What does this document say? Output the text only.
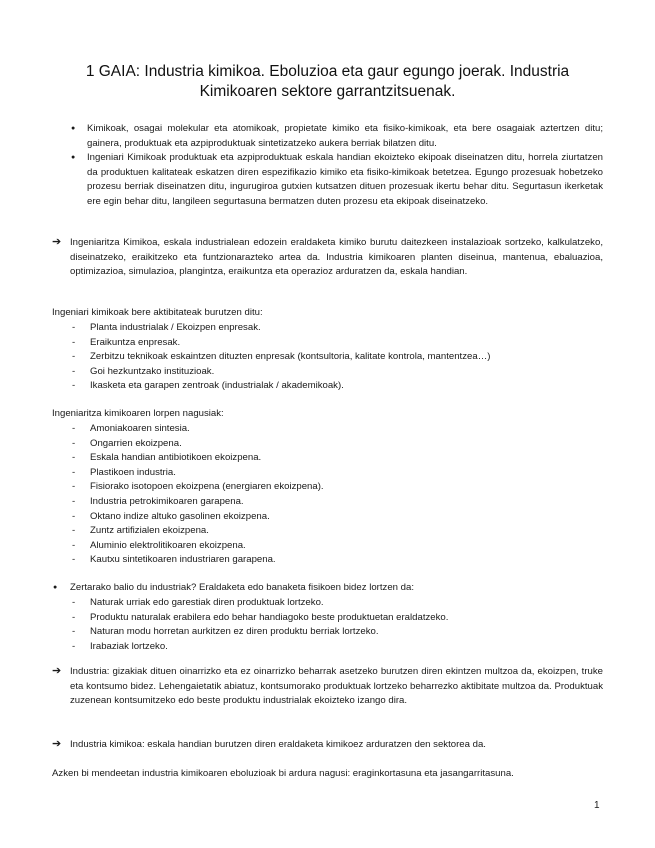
1 GAIA: Industria kimikoa. Eboluzioa eta gaur egungo joerak. Industria Kimikoaren sektore garrantzitsuenak.
● Kimikoak, osagai molekular eta atomikoak, propietate kimiko eta fisiko-kimikoak, eta bere osagaiak aztertzen ditu; gainera, produktuak eta azpiproduktuak sintetizatzeko aukera berriak bilatzen ditu.
● Ingeniari Kimikoak produktuak eta azpiproduktuak eskala handian ekoizteko ekipoak diseinatzen ditu, horrela ziurtatzen da produktuen kalitateak eskatzen diren espezifikazio kimiko eta fisiko-kimikoak betetzea. Egungo prozesuak hobetzeko prozesu berriak diseinatzen ditu, ingurugiroa gutxien kutsatzen dituen prozesuak ikertu behar ditu. Segurtasun ikerketak ere egin behar ditu, langileen segurtasuna bermatzen duten prozesu eta ekipoak diseinatzeko.
➔ Ingeniaritza Kimikoa, eskala industrialean edozein eraldaketa kimiko burutu daitezkeen instalazioak sortzeko, kalkulatzeko, diseinatzeko, eraikitzeko eta funtzionarazteko artea da. Industria kimikoaren planten diseinua, mantenua, ebaluazioa, optimizazioa, simulazioa, plangintza, eraikuntza eta operazioz arduratzen da, eskala handian.

Ingeniari kimikoak bere aktibitateak burutzen ditu:

- Planta industrialak / Ekoizpen enpresak.
- Eraikuntza enpresak.
- Zerbitzu teknikoak eskaintzen dituzten enpresak (kontsultoria, kalitate kontrola, mantentzea…)
- Goi hezkuntzako instituzioak.
- Ikasketa eta garapen zentroak (industrialak / akademikoak).

Ingeniaritza kimikoaren lorpen nagusiak:

- Amoniakoaren sintesia.
- Ongarrien ekoizpena.
- Eskala handian antibiotikoen ekoizpena.
- Plastikoen industria.
- Fisiorako isotopoen ekoizpena (energiaren ekoizpena).
- Industria petrokimikoaren garapena.
- Oktano indize altuko gasolinen ekoizpena.
- Zuntz artifizialen ekoizpena.
- Aluminio elektrolitikoaren ekoizpena.
- Kautxu sintetikoaren industriaren garapena.
● Zertarako balio du industriak? Eraldaketa edo banaketa fisikoen bidez lortzen da:
- Naturak urriak edo garestiak diren produktuak lortzeko.
- Produktu naturalak erabilera edo behar handiagoko beste produktuetan eraldatzeko.
- Naturan modu horretan aurkitzen ez diren produktu berriak lortzeko.
- Irabaziak lortzeko.
➔ Industria: gizakiak dituen oinarrizko eta ez oinarrizko beharrak asetzeko burutzen diren ekintzen multzoa da, ekoizpen, truke eta kontsumo bidez. Lehengaietatik abiatuz, kontsumorako produktuak lortzeko beharrezko aktibitate multzoa da. Produktuak zuzenean kontsumitzeko edo beste produktu industrialak ekoizteko izango dira.
➔ Industria kimikoa: eskala handian burutzen diren eraldaketa kimikoez arduratzen den sektorea da.

Azken bi mendeetan industria kimikoaren eboluzioak bi ardura nagusi: eraginkortasuna eta jasangarritasuna.

1
